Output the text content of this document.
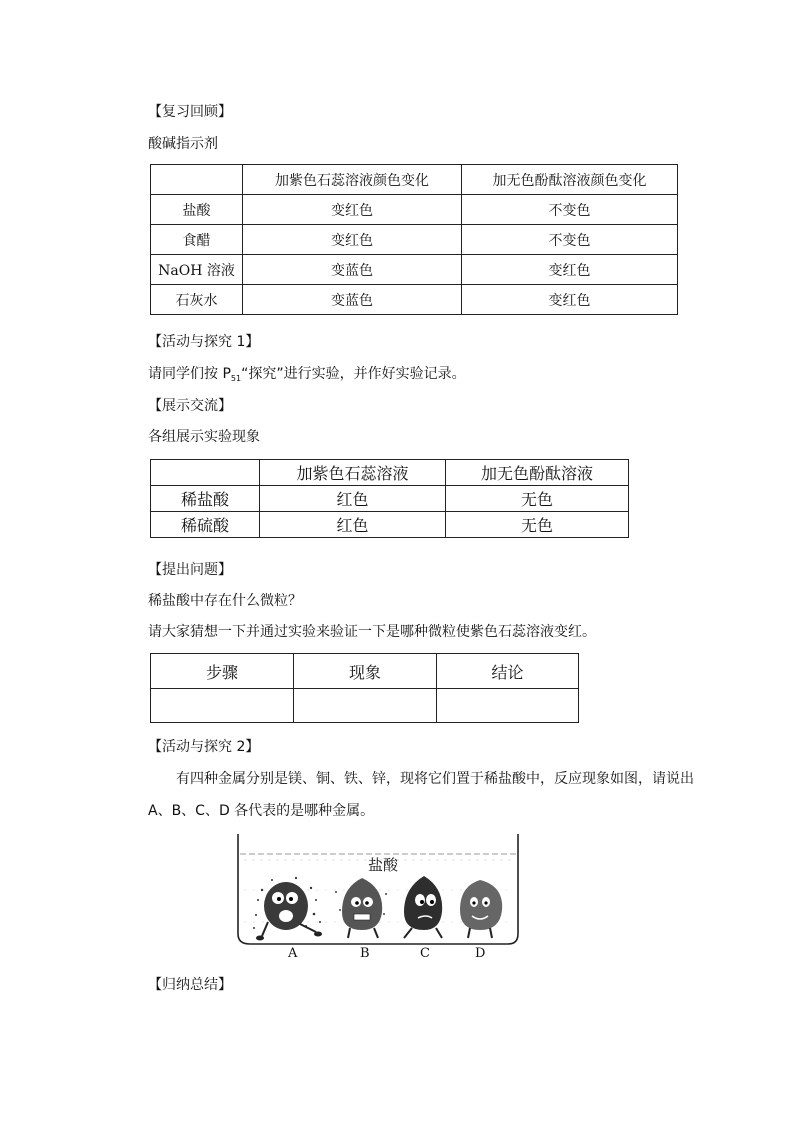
【复习回顾】
酸碱指示剂
	加紫色石蕊溶液颜色变化	加无色酚酞溶液颜色变化
盐酸	变红色	不变色
食醋	变红色	不变色
NaOH 溶液	变蓝色	变红色
石灰水	变蓝色	变红色
【活动与探究 1】
请同学们按 $P_{51}“$探究”进行实验，并作好实验记录。
【展示交流】
各组展示实验现象
	加紫色石蕊溶液	加无色酚酞溶液
稀盐酸	红色	无色
稀硫酸	红色	无色
【提出问题】
稀盐酸中存在什么微粒？
请大家猜想一下并通过实验来验证一下是哪种微粒使紫色石蕊溶液变红。
步骤	现象	结论

【活动与探究 2】
有四种金属分别是镁、铜、铁、锌，现将它们置于稀盐酸中，反应现象如图，请说出
A、B、C、D 各代表的是哪种金属。
盐酸
A	B	C	D
【归纳总结】
